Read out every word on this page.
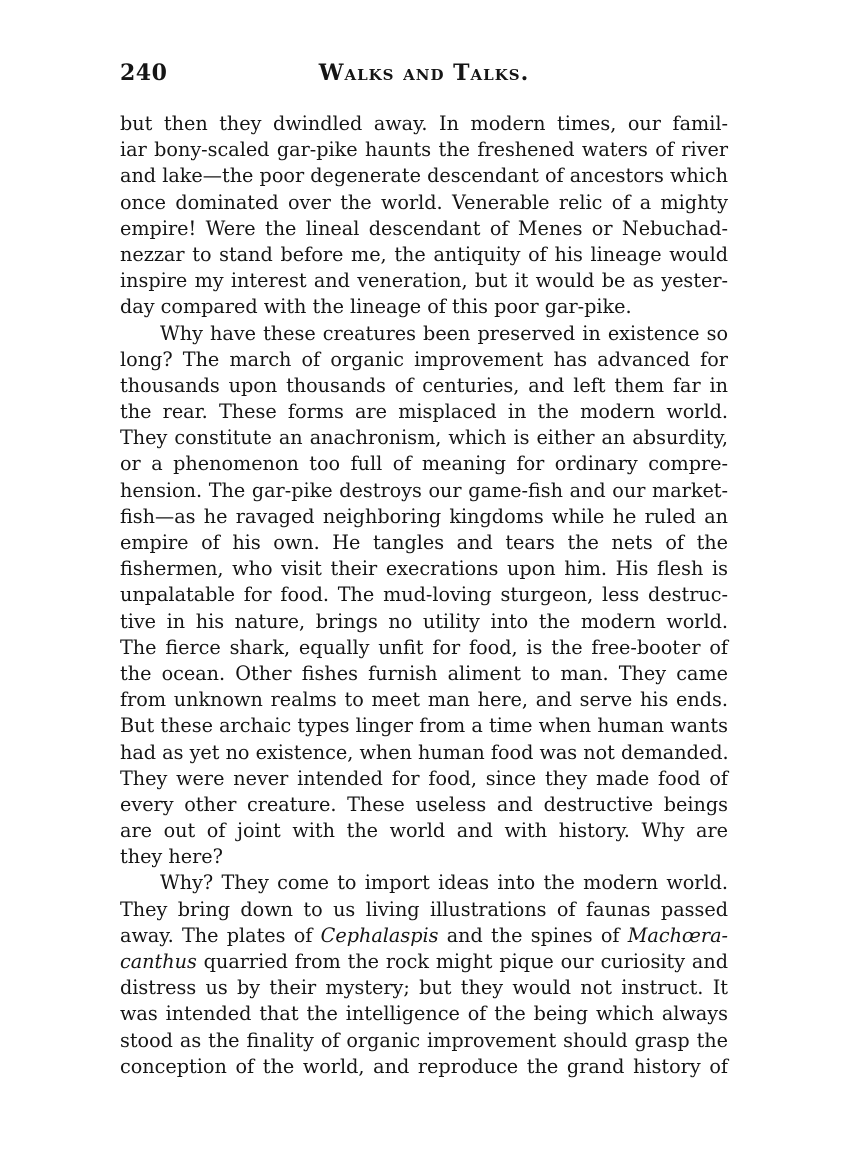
240	Walks and Talks.
but then they dwindled away. In modern times, our famil-
iar bony-scaled gar-pike haunts the freshened waters of river
and lake—the poor degenerate descendant of ancestors which
once dominated over the world. Venerable relic of a mighty
empire! Were the lineal descendant of Menes or Nebuchad-
nezzar to stand before me, the antiquity of his lineage would
inspire my interest and veneration, but it would be as yester-
day compared with the lineage of this poor gar-pike.
Why have these creatures been preserved in existence so
long? The march of organic improvement has advanced for
thousands upon thousands of centuries, and left them far in
the rear. These forms are misplaced in the modern world.
They constitute an anachronism, which is either an absurdity,
or a phenomenon too full of meaning for ordinary compre-
hension. The gar-pike destroys our game-fish and our market-
fish—as he ravaged neighboring kingdoms while he ruled an
empire of his own. He tangles and tears the nets of the
fishermen, who visit their execrations upon him. His flesh is
unpalatable for food. The mud-loving sturgeon, less destruc-
tive in his nature, brings no utility into the modern world.
The fierce shark, equally unfit for food, is the free-booter of
the ocean. Other fishes furnish aliment to man. They came
from unknown realms to meet man here, and serve his ends.
But these archaic types linger from a time when human wants
had as yet no existence, when human food was not demanded.
They were never intended for food, since they made food of
every other creature. These useless and destructive beings
are out of joint with the world and with history. Why are
they here?
Why? They come to import ideas into the modern world.
They bring down to us living illustrations of faunas passed
away. The plates of Cephalaspis and the spines of Machœra-
canthus quarried from the rock might pique our curiosity and
distress us by their mystery; but they would not instruct. It
was intended that the intelligence of the being which always
stood as the finality of organic improvement should grasp the
conception of the world, and reproduce the grand history of
